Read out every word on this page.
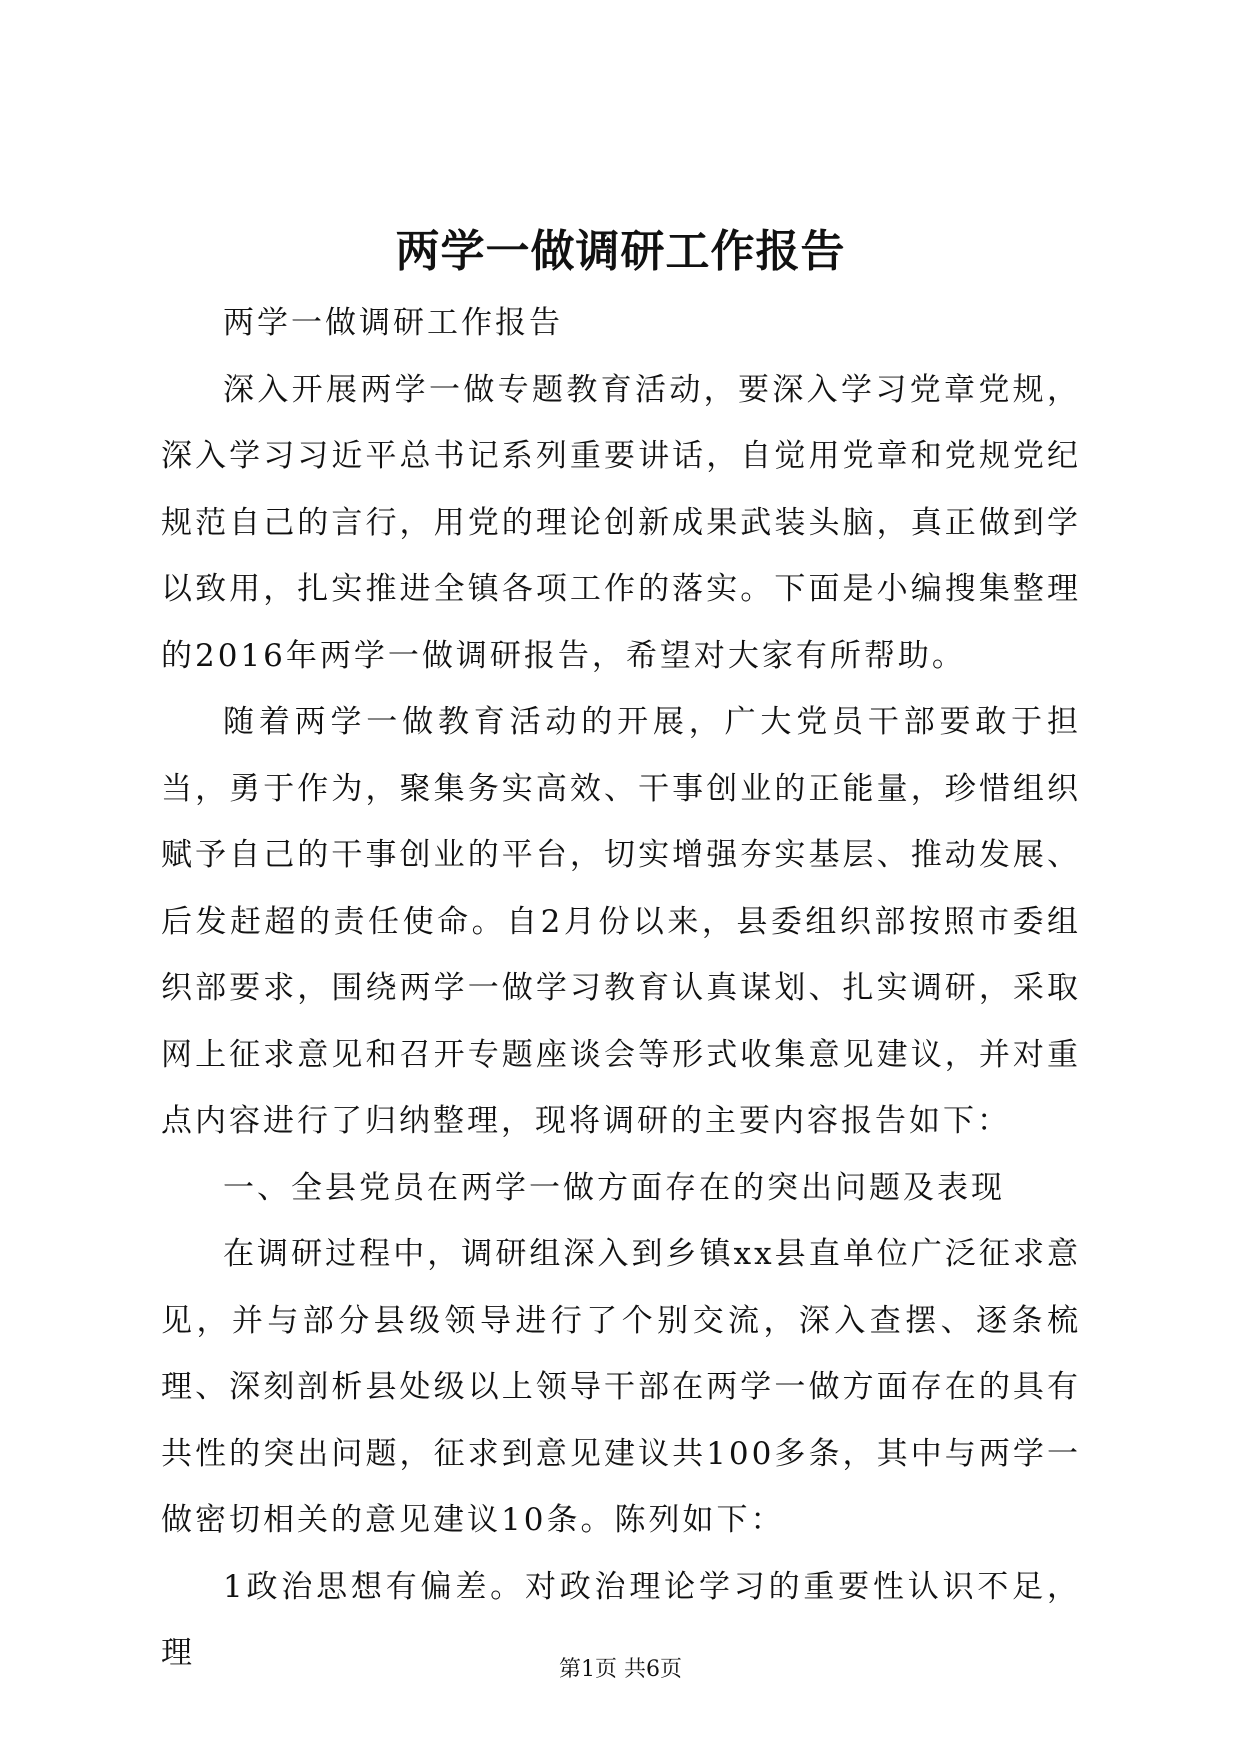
两学一做调研工作报告

两学一做调研工作报告

深入开展两学一做专题教育活动，要深入学习党章党规，深入学习习近平总书记系列重要讲话，自觉用党章和党规党纪规范自己的言行，用党的理论创新成果武装头脑，真正做到学以致用，扎实推进全镇各项工作的落实。下面是小编搜集整理的2016年两学一做调研报告，希望对大家有所帮助。

随着两学一做教育活动的开展，广大党员干部要敢于担当，勇于作为，聚集务实高效、干事创业的正能量，珍惜组织赋予自己的干事创业的平台，切实增强夯实基层、推动发展、后发赶超的责任使命。自2月份以来，县委组织部按照市委组织部要求，围绕两学一做学习教育认真谋划、扎实调研，采取网上征求意见和召开专题座谈会等形式收集意见建议，并对重点内容进行了归纳整理，现将调研的主要内容报告如下：

一、全县党员在两学一做方面存在的突出问题及表现

在调研过程中，调研组深入到乡镇xx县直单位广泛征求意见，并与部分县级领导进行了个别交流，深入查摆、逐条梳理、深刻剖析县处级以上领导干部在两学一做方面存在的具有共性的突出问题，征求到意见建议共100多条，其中与两学一做密切相关的意见建议10条。陈列如下：

1政治思想有偏差。对政治理论学习的重要性认识不足，理	第1页 共6页
